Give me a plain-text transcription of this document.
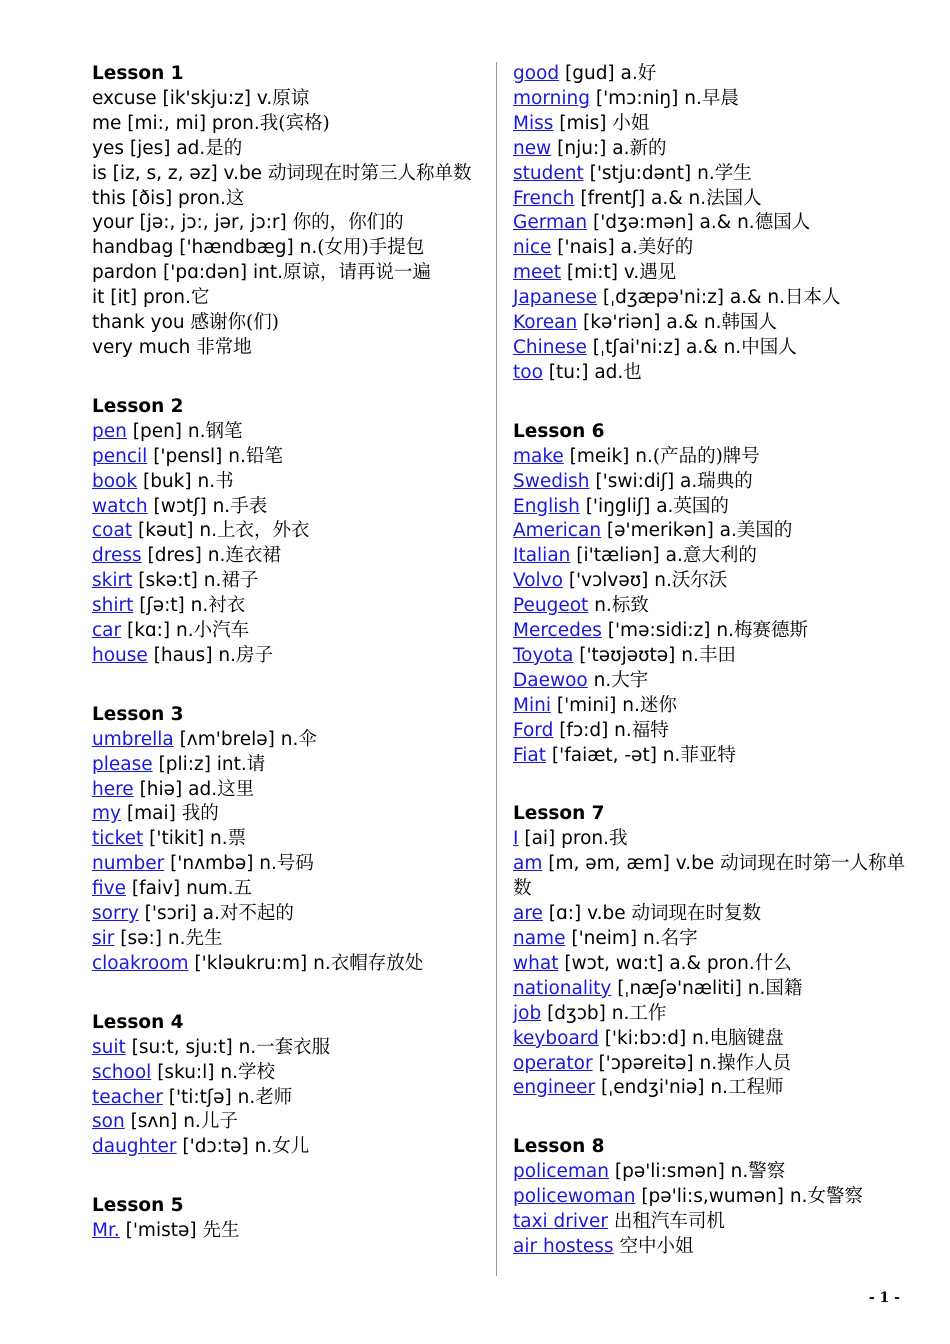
Lesson 1
excuse [ik'skju:z] v.原谅
me [mi:, mi] pron.我(宾格)
yes [jes] ad.是的
is [iz, s, z, əz] v.be 动词现在时第三人称单数
this [ðis] pron.这
your [jə:, jɔ:, jər, jɔ:r] 你的，你们的
handbag ['hændbæg] n.(女用)手提包
pardon ['pɑ:dən] int.原谅，请再说一遍
it [it] pron.它
thank you 感谢你(们)
very much 非常地
Lesson 2
pen [pen] n.钢笔
pencil ['pensl] n.铅笔
book [buk] n.书
watch [wɔtʃ] n.手表
coat [kəut] n.上衣，外衣
dress [dres] n.连衣裙
skirt [skə:t] n.裙子
shirt [ʃə:t] n.衬衣
car [kɑ:] n.小汽车
house [haus] n.房子
Lesson 3
umbrella [ʌm'brelə] n.伞
please [pli:z] int.请
here [hiə] ad.这里
my [mai] 我的
ticket ['tikit] n.票
number ['nʌmbə] n.号码
five [faiv] num.五
sorry ['sɔri] a.对不起的
sir [sə:] n.先生
cloakroom ['kləukru:m] n.衣帽存放处
Lesson 4
suit [su:t, sju:t] n.一套衣服
school [sku:l] n.学校
teacher ['ti:tʃə] n.老师
son [sʌn] n.儿子
daughter ['dɔ:tə] n.女儿
Lesson 5
Mr. ['mistə] 先生
good [gud] a.好
morning ['mɔ:niŋ] n.早晨
Miss [mis] 小姐
new [nju:] a.新的
student ['stju:dənt] n.学生
French [frentʃ] a.& n.法国人
German ['dʒə:mən] a.& n.德国人
nice ['nais] a.美好的
meet [mi:t] v.遇见
Japanese [ˌdʒæpə'ni:z] a.& n.日本人
Korean [kə'riən] a.& n.韩国人
Chinese [ˌtʃai'ni:z] a.& n.中国人
too [tu:] ad.也
Lesson 6
make [meik] n.(产品的)牌号
Swedish ['swi:diʃ] a.瑞典的
English ['iŋgliʃ] a.英国的
American [ə'merikən] a.美国的
Italian [i'tæliən] a.意大利的
Volvo ['vɔlvəʊ] n.沃尔沃
Peugeot n.标致
Mercedes ['mə:sidi:z] n.梅赛德斯
Toyota ['təʊjəʊtə] n.丰田
Daewoo n.大宇
Mini ['mini] n.迷你
Ford [fɔ:d] n.福特
Fiat ['faiæt, -ət] n.菲亚特
Lesson 7
I [ai] pron.我
am [m, əm, æm] v.be 动词现在时第一人称单数
are [ɑ:] v.be 动词现在时复数
name ['neim] n.名字
what [wɔt, wɑ:t] a.& pron.什么
nationality [ˌnæʃə'næliti] n.国籍
job [dʒɔb] n.工作
keyboard ['ki:bɔ:d] n.电脑键盘
operator ['ɔpəreitə] n.操作人员
engineer [ˌendʒi'niə] n.工程师
Lesson 8
policeman [pə'li:smən] n.警察
policewoman [pə'li:s,wumən] n.女警察
taxi driver 出租汽车司机
air hostess 空中小姐
- 1 -
